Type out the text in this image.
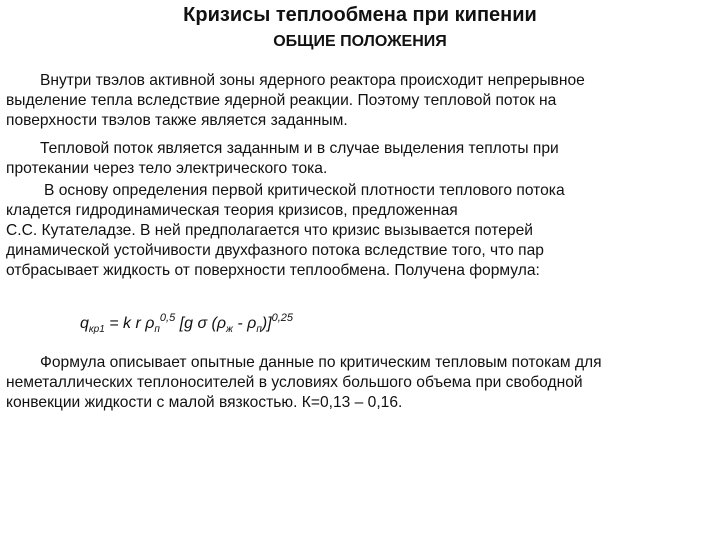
Кризисы теплообмена при кипении
ОБЩИЕ ПОЛОЖЕНИЯ
Внутри твэлов активной зоны ядерного реактора происходит непрерывное
выделение тепла вследствие ядерной реакции. Поэтому тепловой поток на
поверхности твэлов также является заданным.
Тепловой поток является заданным и в случае выделения теплоты при
протекании через тело электрического тока.
В основу определения первой критической плотности теплового потока
кладется гидродинамическая теория кризисов, предложенная
С.С. Кутателадзе. В ней предполагается что кризис вызывается потерей
динамической устойчивости двухфазного потока вследствие того, что пар
отбрасывает жидкость от поверхности теплообмена. Получена формула:
$q_{кр1} = k$ r $\rho_п^{0,5}$ [g σ $(\rho_ж - \rho_п)]^{0,25}$
Формула описывает опытные данные по критическим тепловым потокам для
неметаллических теплоносителей в условиях большого объема при свободной
конвекции жидкости с малой вязкостью. К=0,13 – 0,16.
